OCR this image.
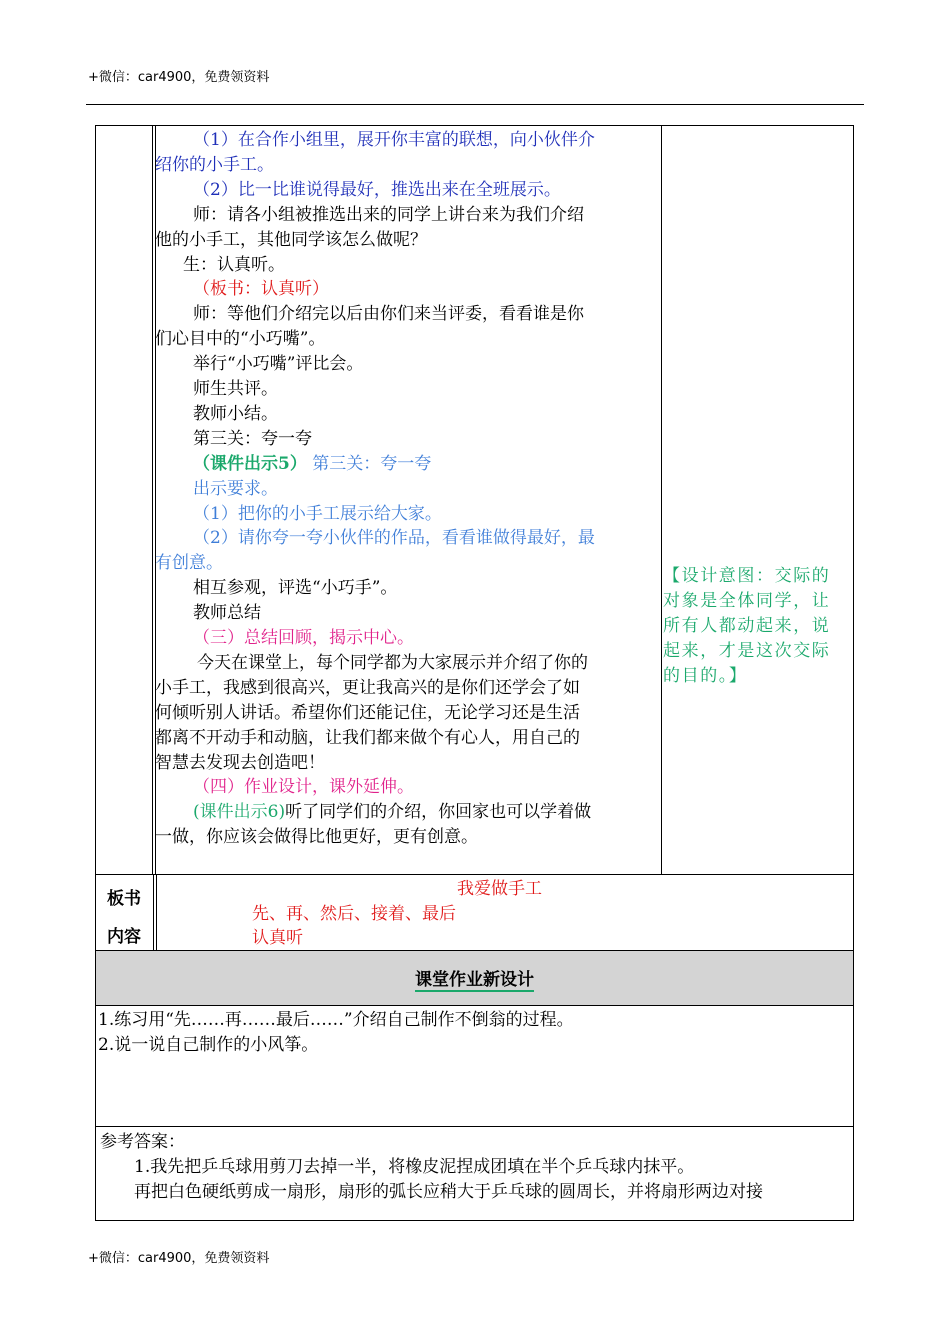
+微信：car4900，免费领资料
（1）在合作小组里，展开你丰富的联想，向小伙伴介
绍你的小手工。
（2）比一比谁说得最好，推选出来在全班展示。
师：请各小组被推选出来的同学上讲台来为我们介绍
他的小手工，其他同学该怎么做呢？
生：认真听。
（板书：认真听）
师：等他们介绍完以后由你们来当评委，看看谁是你
们心目中的“小巧嘴”。
举行“小巧嘴”评比会。
师生共评。
教师小结。
第三关：夸一夸
（课件出示5） 第三关：夸一夸
出示要求。
（1）把你的小手工展示给大家。
（2）请你夸一夸小伙伴的作品，看看谁做得最好，最
有创意。
相互参观，评选“小巧手”。
教师总结
（三）总结回顾，揭示中心。
今天在课堂上，每个同学都为大家展示并介绍了你的
小手工，我感到很高兴，更让我高兴的是你们还学会了如
何倾听别人讲话。希望你们还能记住，无论学习还是生活
都离不开动手和动脑，让我们都来做个有心人，用自己的
智慧去发现去创造吧！
（四）作业设计，课外延伸。
(课件出示6)听了同学们的介绍，你回家也可以学着做
一做，你应该会做得比他更好，更有创意。
【设计意图：交际的
对象是全体同学，让
所有人都动起来，说
起来，才是这次交际
的目的。】
板书
内容
我爱做手工
先、再、然后、接着、最后
认真听
课堂作业新设计
1.练习用“先……再……最后……”介绍自己制作不倒翁的过程。
2.说一说自己制作的小风筝。
参考答案：
1.我先把乒乓球用剪刀去掉一半，将橡皮泥捏成团填在半个乒乓球内抹平。
再把白色硬纸剪成一扇形，扇形的弧长应稍大于乒乓球的圆周长，并将扇形两边对接
+微信：car4900，免费领资料
